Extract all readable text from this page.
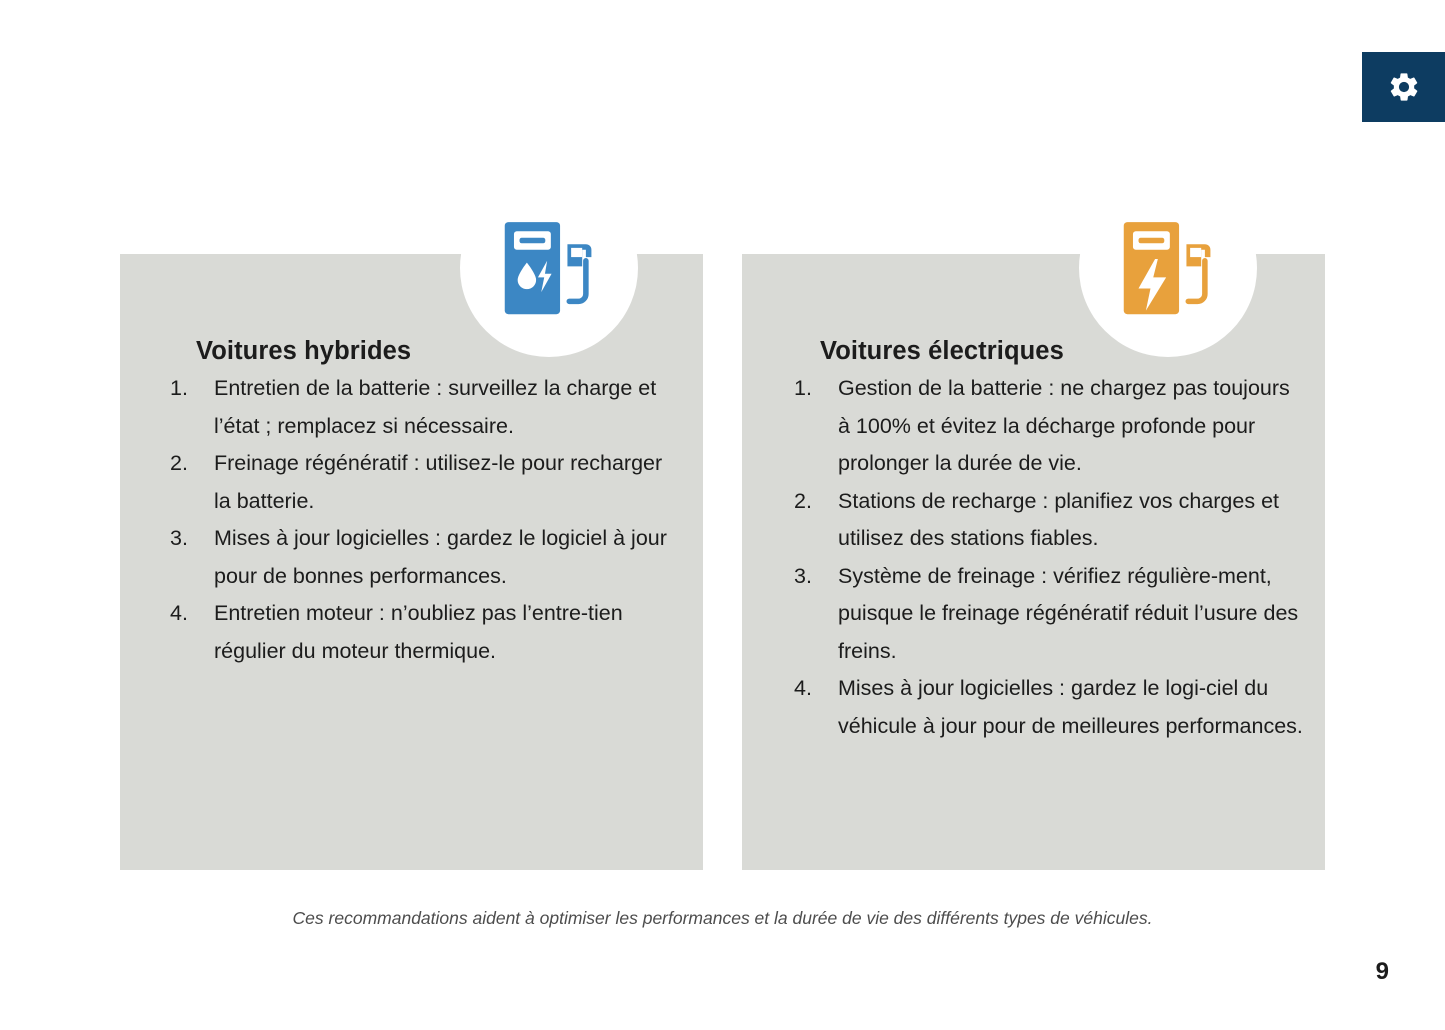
Voitures hybrides
Entretien de la batterie : surveillez la charge et l’état ; remplacez si nécessaire.
Freinage régénératif : utilisez-le pour recharger la batterie.
Mises à jour logicielles : gardez le logiciel à jour pour de bonnes performances.
Entretien moteur : n’oubliez pas l’entre-tien régulier du moteur thermique.
Voitures électriques
Gestion de la batterie : ne chargez pas toujours à 100% et évitez la décharge profonde pour prolonger la durée de vie.
Stations de recharge : planifiez vos charges et utilisez des stations fiables.
Système de freinage : vérifiez régulière-ment, puisque le freinage régénératif réduit l’usure des freins.
Mises à jour logicielles : gardez le logi-ciel du véhicule à jour pour de meilleures performances.
Ces recommandations aident à optimiser les performances et la durée de vie des différents types de véhicules.
9
